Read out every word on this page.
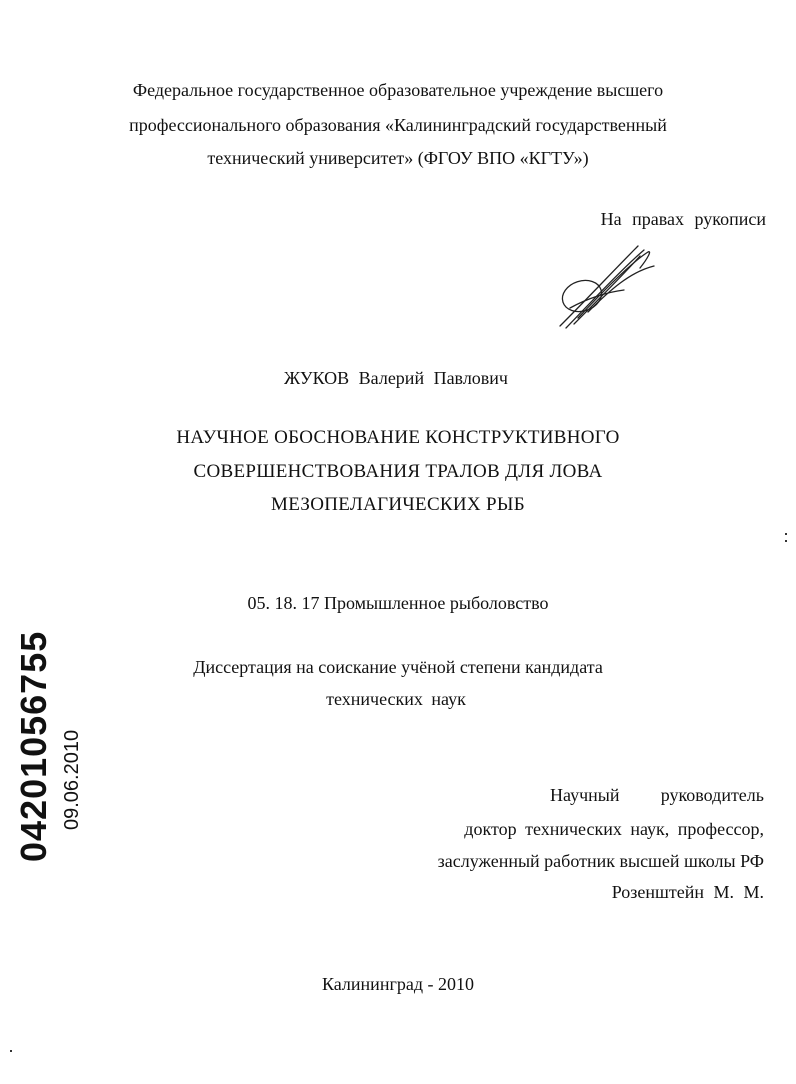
Федеральное государственное образовательное учреждение высшего
профессионального образования «Калининградский государственный
технический университет» (ФГОУ ВПО «КГТУ»)
На правах рукописи
ЖУКОВ Валерий Павлович
НАУЧНОЕ ОБОСНОВАНИЕ КОНСТРУКТИВНОГО
СОВЕРШЕНСТВОВАНИЯ ТРАЛОВ ДЛЯ ЛОВА
МЕЗОПЕЛАГИЧЕСКИХ РЫБ
05. 18. 17 Промышленное рыболовство
Диссертация на соискание учёной степени кандидата
технических наук
Научный руководитель
доктор технических наук, профессор,
заслуженный работник высшей школы РФ
Розенштейн М. М.
Калининград - 2010
04201056755 09.06.2010
